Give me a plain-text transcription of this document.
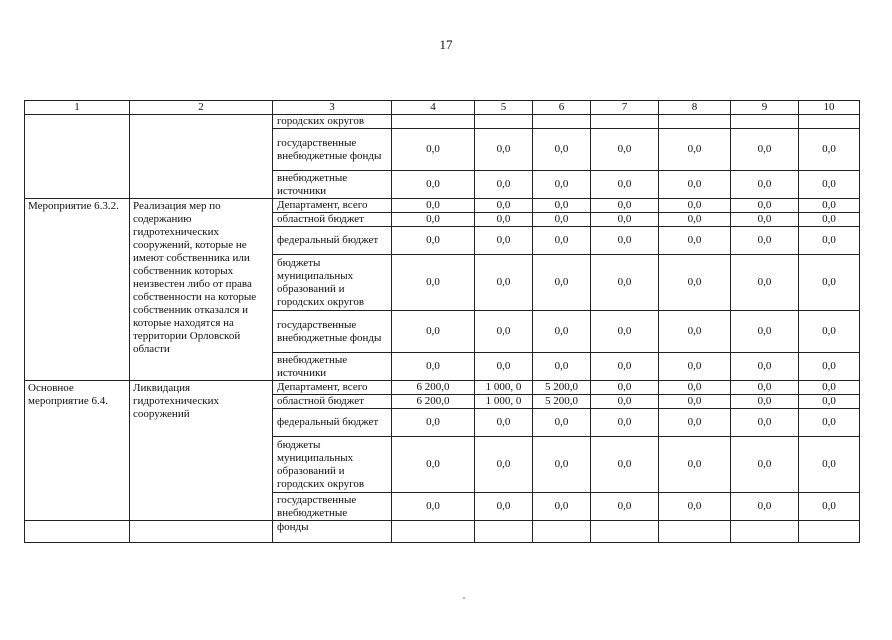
17
1	2	3	4	5	6	7	8	9	10
		городских округов							
		государственные внебюджетные фонды	0,0	0,0	0,0	0,0	0,0	0,0	0,0
		внебюджетные источники	0,0	0,0	0,0	0,0	0,0	0,0	0,0
Мероприятие 6.3.2.	Реализация мер по содержанию гидротехнических сооружений, которые не имеют собственника или собственник которых неизвестен либо от права собственности на которые собственник отказался и которые находятся на территории Орловской области	Департамент, всего	0,0	0,0	0,0	0,0	0,0	0,0	0,0
		областной бюджет	0,0	0,0	0,0	0,0	0,0	0,0	0,0
		федеральный бюджет	0,0	0,0	0,0	0,0	0,0	0,0	0,0
		бюджеты муниципальных образований и городских округов	0,0	0,0	0,0	0,0	0,0	0,0	0,0
		государственные внебюджетные фонды	0,0	0,0	0,0	0,0	0,0	0,0	0,0
		внебюджетные источники	0,0	0,0	0,0	0,0	0,0	0,0	0,0
Основное мероприятие 6.4.	Ликвидация гидротехнических сооружений	Департамент, всего	6 200,0	1 000, 0	5 200,0	0,0	0,0	0,0	0,0
		областной бюджет	6 200,0	1 000, 0	5 200,0	0,0	0,0	0,0	0,0
		федеральный бюджет	0,0	0,0	0,0	0,0	0,0	0,0	0,0
		бюджеты муниципальных образований и городских округов	0,0	0,0	0,0	0,0	0,0	0,0	0,0
		государственные внебюджетные	0,0	0,0	0,0	0,0	0,0	0,0	0,0
		фонды							
